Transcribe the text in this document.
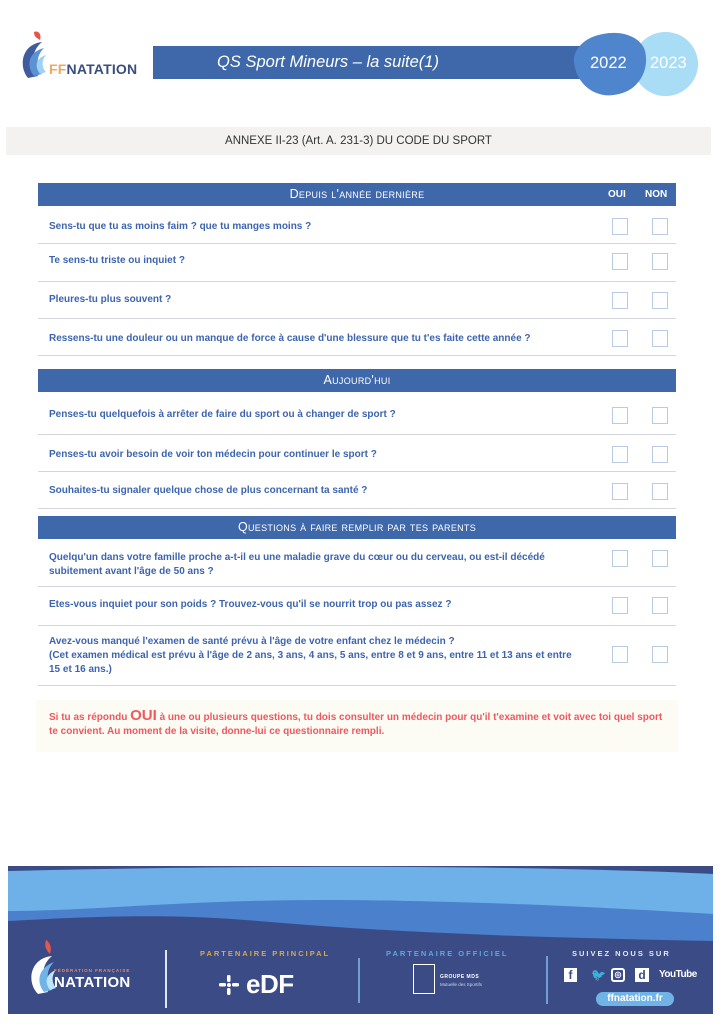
FFNATATION	QS Sport Mineurs – la suite(1)	2022 2023
ANNEXE II-23 (Art. A. 231-3) DU CODE DU SPORT
Depuis l'année dernière	OUI NON
Sens-tu que tu as moins faim ? que tu manges moins ?
Te sens-tu triste ou inquiet ?
Pleures-tu plus souvent ?
Ressens-tu une douleur ou un manque de force à cause d'une blessure que tu t'es faite cette année ?
Aujourd'hui
Penses-tu quelquefois à arrêter de faire du sport ou à changer de sport ?
Penses-tu avoir besoin de voir ton médecin pour continuer le sport ?
Souhaites-tu signaler quelque chose de plus concernant ta santé ?
Questions à faire remplir par tes parents
Quelqu'un dans votre famille proche a-t-il eu une maladie grave du cœur ou du cerveau, ou est-il décédé subitement avant l'âge de 50 ans ?
Etes-vous inquiet pour son poids ? Trouvez-vous qu'il se nourrit trop ou pas assez ?
Avez-vous manqué l'examen de santé prévu à l'âge de votre enfant chez le médecin ?
(Cet examen médical est prévu à l'âge de 2 ans, 3 ans, 4 ans, 5 ans, entre 8 et 9 ans, entre 11 et 13 ans et entre 15 et 16 ans.)
Si tu as répondu OUI à une ou plusieurs questions, tu dois consulter un médecin pour qu'il t'examine et voit avec toi quel sport te convient. Au moment de la visite, donne-lui ce questionnaire rempli.
FÉDÉRATION FRANÇAISE
NATATION
PARTENAIRE PRINCIPAL
eDF
PARTENAIRE OFFICIEL
GROUPE MDS
Mutuelle des Sportifs
SUIVEZ NOUS SUR
f	🐦	◎ d	YouTube
ffnatation.fr
